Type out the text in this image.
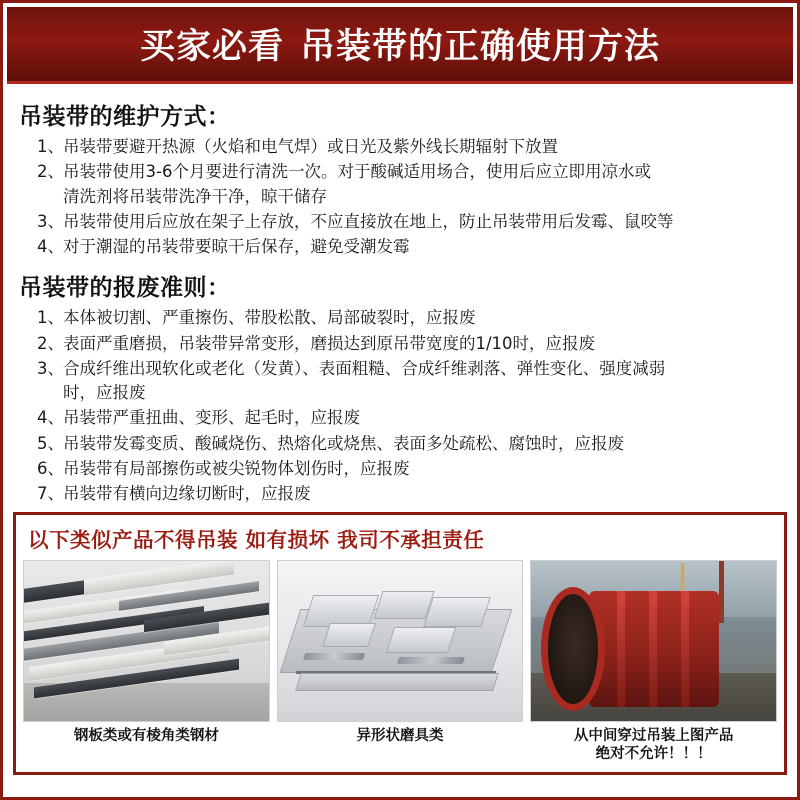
买家必看 吊装带的正确使用方法
吊装带的维护方式：
1、 吊装带要避开热源（火焰和电气焊）或日光及紫外线长期辐射下放置
2、 吊装带使用3-6个月要进行清洗一次。对于酸碱适用场合，使用后应立即用凉水或
清洗剂将吊装带洗净干净，晾干储存
3、 吊装带使用后应放在架子上存放，不应直接放在地上，防止吊装带用后发霉、鼠咬等
4、 对于潮湿的吊装带要晾干后保存，避免受潮发霉
吊装带的报废准则：
1、 本体被切割、严重擦伤、带股松散、局部破裂时，应报废
2、 表面严重磨损，吊装带异常变形，磨损达到原吊带宽度的1/10时，应报废
3、 合成纤维出现软化或老化（发黄）、表面粗糙、合成纤维剥落、弹性变化、强度减弱
时，应报废
4、 吊装带严重扭曲、变形、起毛时，应报废
5、 吊装带发霉变质、酸碱烧伤、热熔化或烧焦、表面多处疏松、腐蚀时，应报废
6、 吊装带有局部擦伤或被尖锐物体划伤时，应报废
7、 吊装带有横向边缘切断时，应报废
以下类似产品不得吊装 如有损坏 我司不承担责任
钢板类或有棱角类钢材	异形状磨具类	从中间穿过吊装上图产品
绝对不允许！！！
